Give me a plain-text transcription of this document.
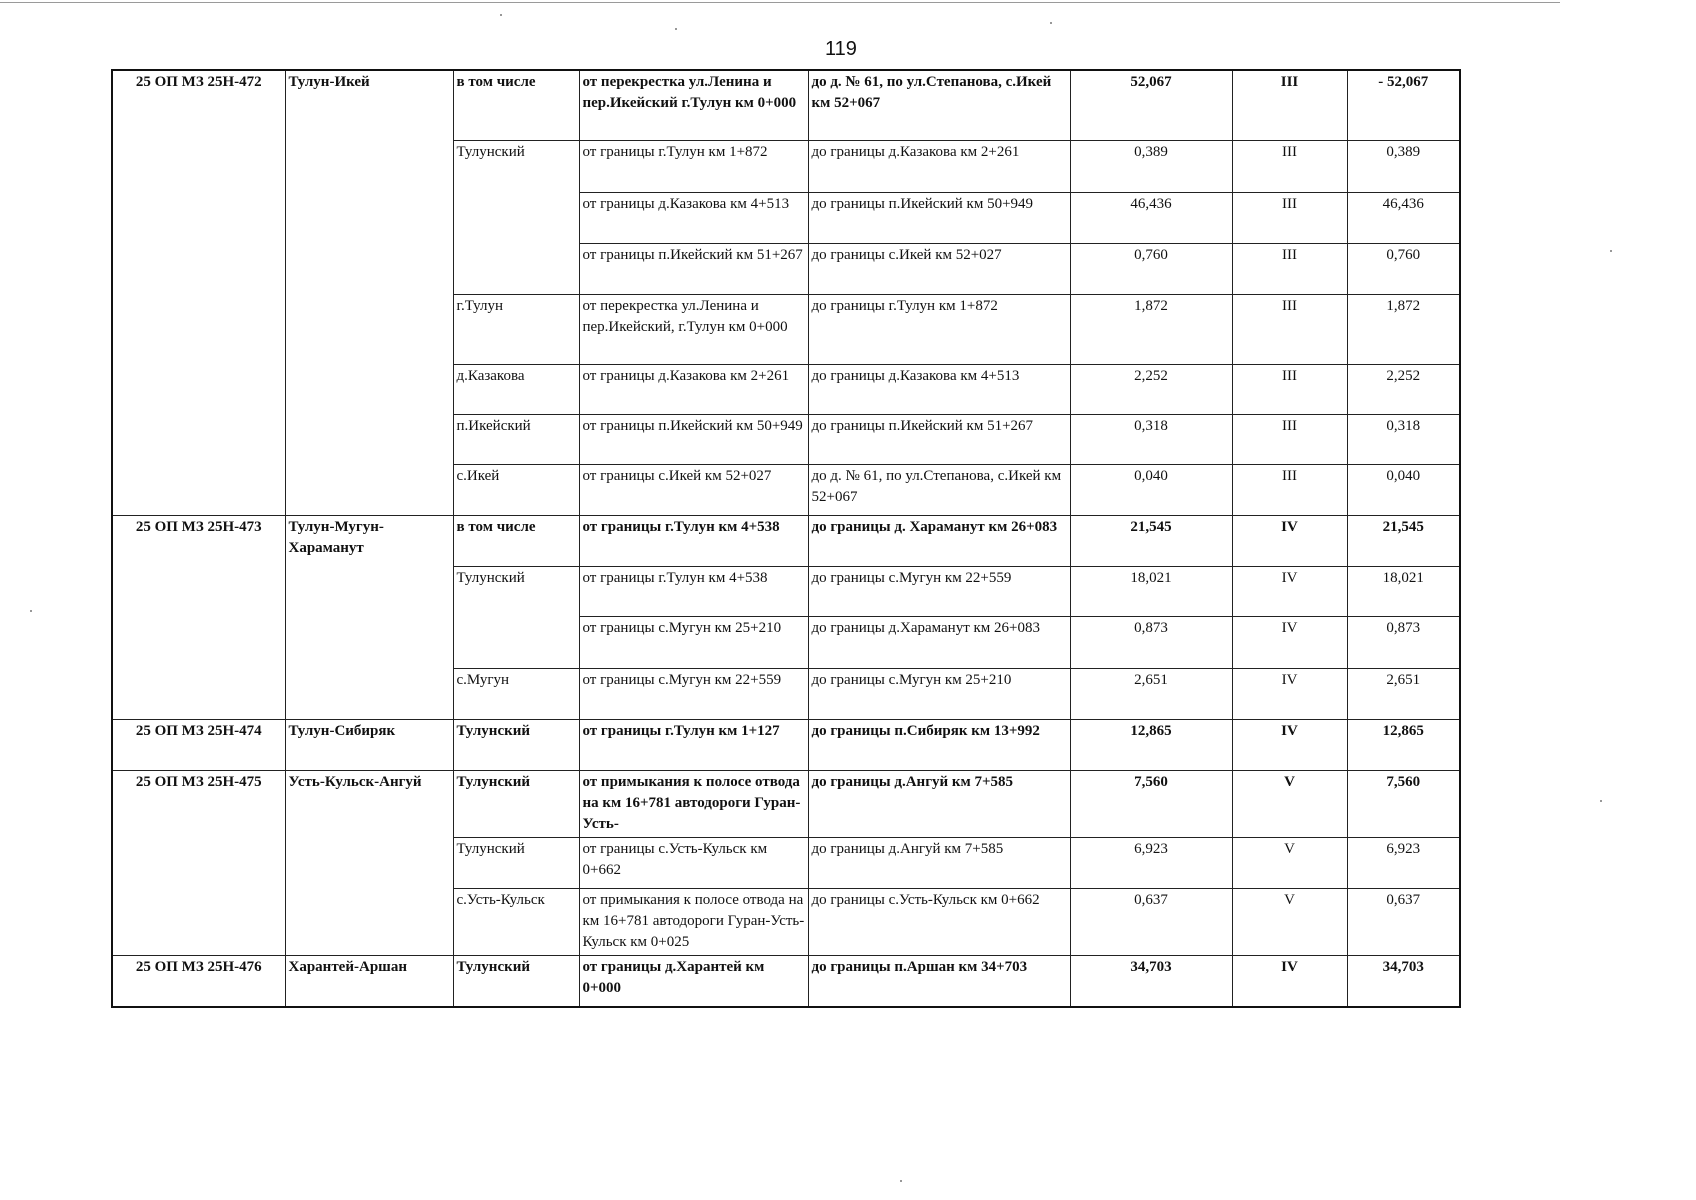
119
25 ОП МЗ 25Н-472	Тулун-Икей	в том числе	от перекрестка ул.Ленина и пер.Икейский г.Тулун км 0+000	до д. № 61, по ул.Степанова, с.Икей км 52+067	52,067	III	- 52,067
		Тулунский	от границы г.Тулун км 1+872	до границы д.Казакова км 2+261	0,389	III	0,389
			от границы д.Казакова км 4+513	до границы п.Икейский км 50+949	46,436	III	46,436
			от границы п.Икейский км 51+267	до границы с.Икей км 52+027	0,760	III	0,760
		г.Тулун	от перекрестка ул.Ленина и пер.Икейский, г.Тулун км 0+000	до границы г.Тулун км 1+872	1,872	III	1,872
		д.Казакова	от границы д.Казакова км 2+261	до границы д.Казакова км 4+513	2,252	III	2,252
		п.Икейский	от границы п.Икейский км 50+949	до границы п.Икейский км 51+267	0,318	III	0,318
		с.Икей	от границы с.Икей км 52+027	до д. № 61, по ул.Степанова, с.Икей км 52+067	0,040	III	0,040
25 ОП МЗ 25Н-473	Тулун-Мугун-Хараманут	в том числе	от границы г.Тулун км 4+538	до границы д. Хараманут км 26+083	21,545	IV	21,545
		Тулунский	от границы г.Тулун км 4+538	до границы с.Мугун км 22+559	18,021	IV	18,021
			от границы с.Мугун км 25+210	до границы д.Хараманут км 26+083	0,873	IV	0,873
		с.Мугун	от границы с.Мугун км 22+559	до границы с.Мугун км 25+210	2,651	IV	2,651
25 ОП МЗ 25Н-474	Тулун-Сибиряк	Тулунский	от границы г.Тулун км 1+127	до границы п.Сибиряк км 13+992	12,865	IV	12,865
25 ОП МЗ 25Н-475	Усть-Кульск-Ангуй	Тулунский	от примыкания к полосе отвода на км 16+781 автодороги Гуран-Усть-	до границы д.Ангуй км 7+585	7,560	V	7,560
		Тулунский	от границы с.Усть-Кульск км 0+662	до границы д.Ангуй км 7+585	6,923	V	6,923
		с.Усть-Кульск	от примыкания к полосе отвода на км 16+781 автодороги Гуран-Усть-Кульск км 0+025	до границы с.Усть-Кульск км 0+662	0,637	V	0,637
25 ОП МЗ 25Н-476	Харантей-Аршан	Тулунский	от границы д.Харантей км 0+000	до границы п.Аршан км 34+703	34,703	IV	34,703
